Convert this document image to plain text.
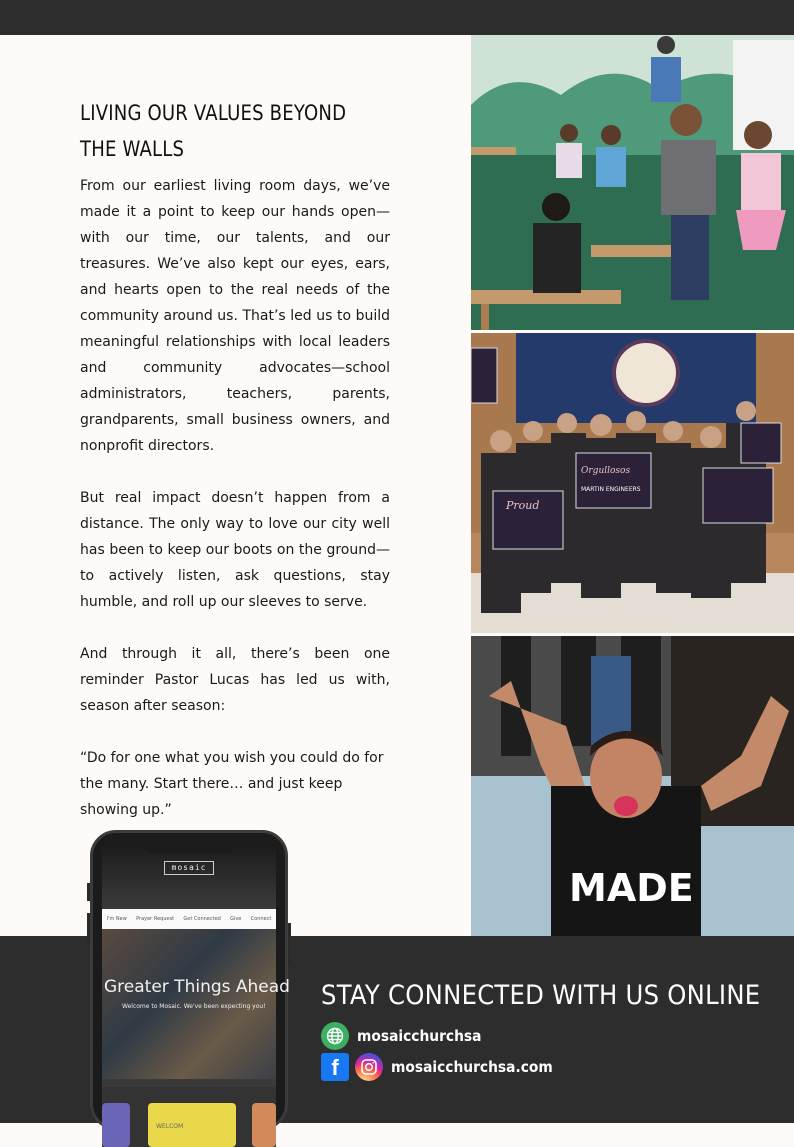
LIVING OUR VALUES BEYOND THE WALLS

From our earliest living room days, we’ve made it a point to keep our hands open—with our time, our talents, and our treasures. We’ve also kept our eyes, ears, and hearts open to the real needs of the community around us. That’s led us to build meaningful relationships with local leaders and community advocates—school administrators, teachers, parents, grandparents, small business owners, and nonprofit directors.

But real impact doesn’t happen from a distance. The only way to love our city well has been to keep our boots on the ground—to actively listen, ask questions, stay humble, and roll up our sleeves to serve.

And through it all, there’s been one reminder Pastor Lucas has led us with, season after season:

“Do for one what you wish you could do for the many. Start there… and just keep showing up.”

Proud
Orgullosos
MARTIN ENGINEERS
MADE
mosaic
I'm New Prayer Request Get Connected Give Connect
Greater Things Ahead
Welcome to Mosaic. We've been expecting you!
WELCOM
STAY CONNECTED WITH US ONLINE
mosaicchurchsa
f	mosaicchurchsa.com
